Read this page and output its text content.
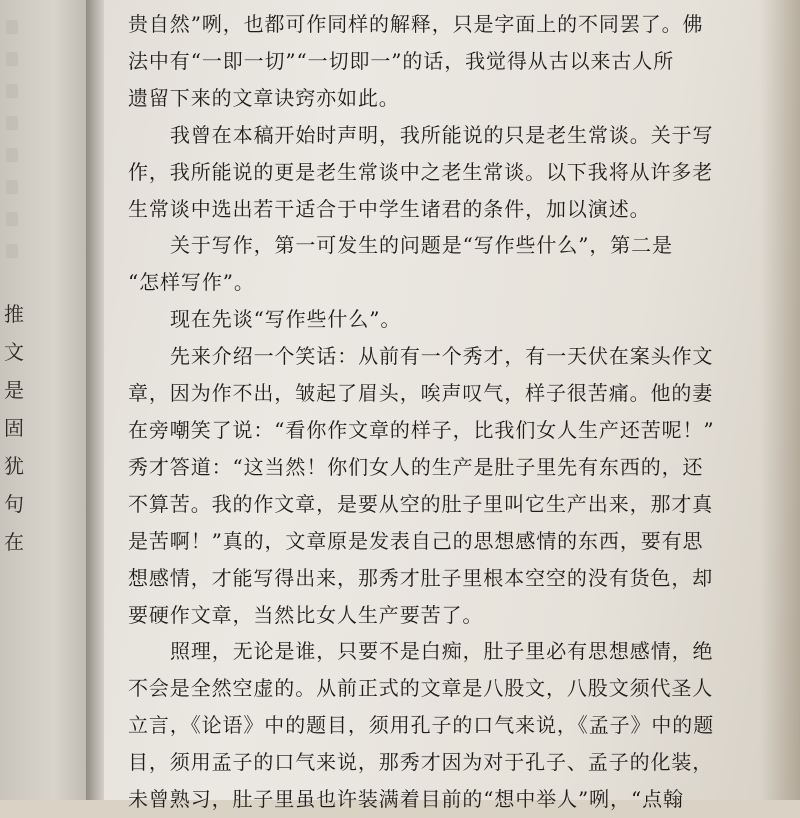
推
文
是
固
犹
句
在
贵自然”咧，也都可作同样的解释，只是字面上的不同罢了。佛
法中有“一即一切”“一切即一”的话，我觉得从古以来古人所
遗留下来的文章诀窍亦如此。
我曾在本稿开始时声明，我所能说的只是老生常谈。关于写
作，我所能说的更是老生常谈中之老生常谈。以下我将从许多老
生常谈中选出若干适合于中学生诸君的条件，加以演述。
关于写作，第一可发生的问题是“写作些什么”，第二是
“怎样写作”。
现在先谈“写作些什么”。
先来介绍一个笑话：从前有一个秀才，有一天伏在案头作文
章，因为作不出，皱起了眉头，唉声叹气，样子很苦痛。他的妻
在旁嘲笑了说：“看你作文章的样子，比我们女人生产还苦呢！”
秀才答道：“这当然！你们女人的生产是肚子里先有东西的，还
不算苦。我的作文章，是要从空的肚子里叫它生产出来，那才真
是苦啊！”真的，文章原是发表自己的思想感情的东西，要有思
想感情，才能写得出来，那秀才肚子里根本空空的没有货色，却
要硬作文章，当然比女人生产要苦了。
照理，无论是谁，只要不是白痴，肚子里必有思想感情，绝
不会是全然空虚的。从前正式的文章是八股文，八股文须代圣人
立言，《论语》中的题目，须用孔子的口气来说，《孟子》中的题
目，须用孟子的口气来说，那秀才因为对于孔子、孟子的化装，
未曾熟习，肚子里虽也许装满着目前的“想中举人”咧，“点翰
